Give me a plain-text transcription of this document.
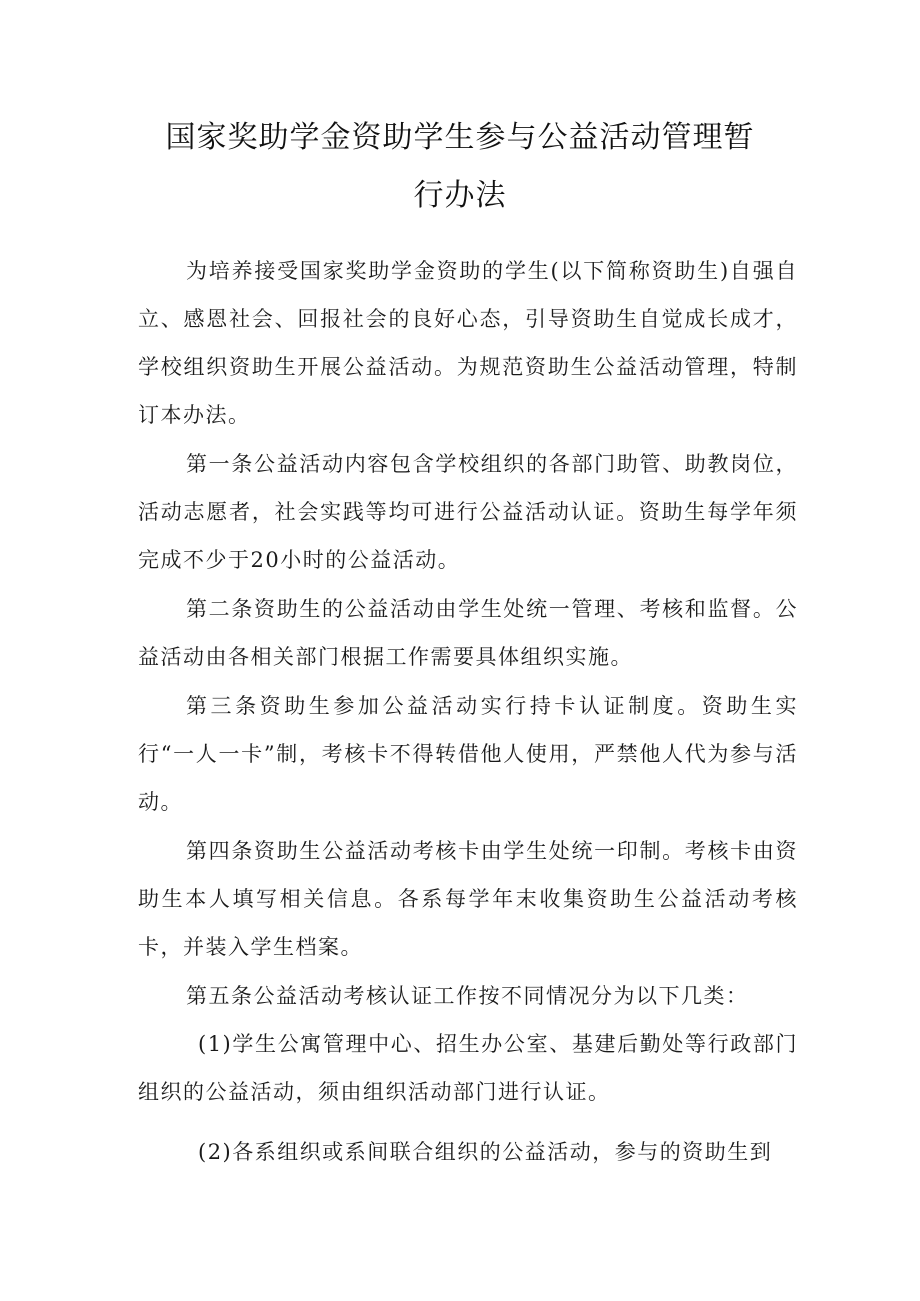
国家奖助学金资助学生参与公益活动管理暂
行办法

为培养接受国家奖助学金资助的学生(以下简称资助生)自强自立、感恩社会、回报社会的良好心态，引导资助生自觉成长成才，学校组织资助生开展公益活动。为规范资助生公益活动管理，特制订本办法。

第一条公益活动内容包含学校组织的各部门助管、助教岗位，活动志愿者，社会实践等均可进行公益活动认证。资助生每学年须完成不少于20小时的公益活动。

第二条资助生的公益活动由学生处统一管理、考核和监督。公益活动由各相关部门根据工作需要具体组织实施。

第三条资助生参加公益活动实行持卡认证制度。资助生实行“一人一卡”制，考核卡不得转借他人使用，严禁他人代为参与活动。

第四条资助生公益活动考核卡由学生处统一印制。考核卡由资助生本人填写相关信息。各系每学年末收集资助生公益活动考核卡，并装入学生档案。

第五条公益活动考核认证工作按不同情况分为以下几类：

(1)学生公寓管理中心、招生办公室、基建后勤处等行政部门组织的公益活动，须由组织活动部门进行认证。

(2)各系组织或系间联合组织的公益活动，参与的资助生到
